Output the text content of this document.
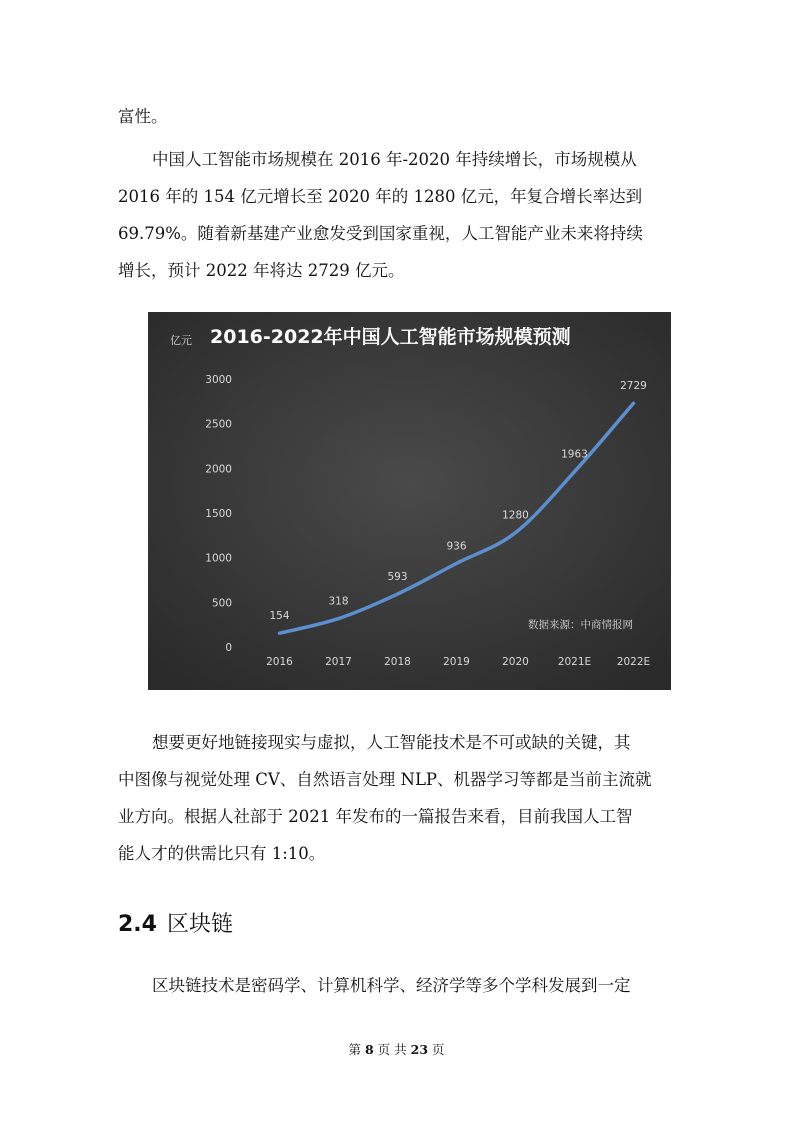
富性。
中国人工智能市场规模在 2016 年-2020 年持续增长，市场规模从
2016 年的 154 亿元增长至 2020 年的 1280 亿元，年复合增长率达到
69.79%。随着新基建产业愈发受到国家重视，人工智能产业未来将持续
增长，预计 2022 年将达 2729 亿元。
亿元 2016-2022年中国人工智能市场规模预测
0
500
1000
1500
2000
2500
3000
2016	2017	2018	2019	2020	2021E 2022E
154
318
593
936
1280
1963
2729
数据来源：中商情报网
想要更好地链接现实与虚拟，人工智能技术是不可或缺的关键，其
中图像与视觉处理 CV、自然语言处理 NLP、机器学习等都是当前主流就
业方向。根据人社部于 2021 年发布的一篇报告来看，目前我国人工智
能人才的供需比只有 1:10。
2.4 区块链
区块链技术是密码学、计算机科学、经济学等多个学科发展到一定
第 8 页 共 23 页
